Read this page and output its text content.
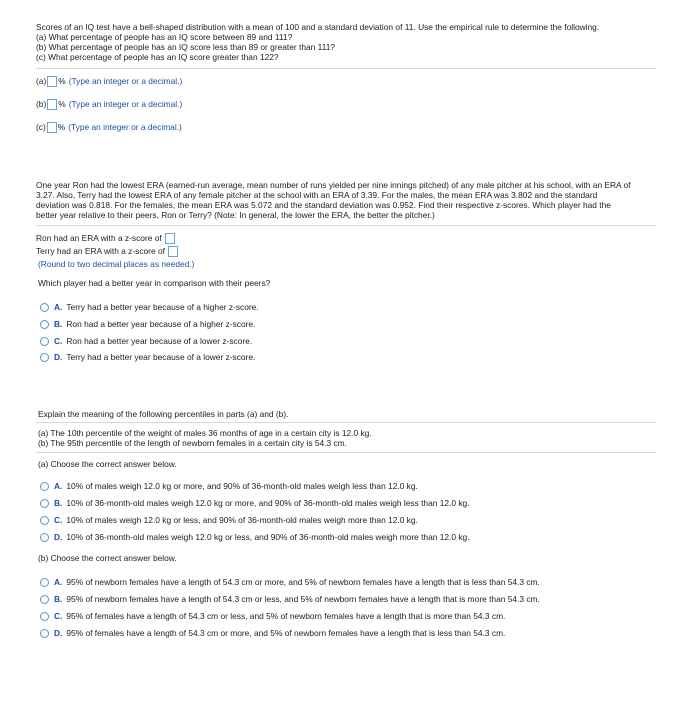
Scores of an IQ test have a bell-shaped distribution with a mean of 100 and a standard deviation of 11. Use the empirical rule to determine the following.
(a) What percentage of people has an IQ score between 89 and 111?
(b) What percentage of people has an IQ score less than 89 or greater than 111?
(c) What percentage of people has an IQ score greater than 122?
(a) % (Type an integer or a decimal.)
(b) % (Type an integer or a decimal.)
(c) % (Type an integer or a decimal.)
One year Ron had the lowest ERA (earned-run average, mean number of runs yielded per nine innings pitched) of any male pitcher at his school, with an ERA of
3.27. Also, Terry had the lowest ERA of any female pitcher at the school with an ERA of 3.39. For the males, the mean ERA was 3.802 and the standard
deviation was 0.818. For the females, the mean ERA was 5.072 and the standard deviation was 0.952. Find their respective z-scores. Which player had the
better year relative to their peers, Ron or Terry? (Note: In general, the lower the ERA, the better the pitcher.)
Ron had an ERA with a z-score of
Terry had an ERA with a z-score of
(Round to two decimal places as needed.)
Which player had a better year in comparison with their peers?
A. Terry had a better year because of a higher z-score.
B. Ron had a better year because of a higher z-score.
C. Ron had a better year because of a lower z-score.
D. Terry had a better year because of a lower z-score.
Explain the meaning of the following percentiles in parts (a) and (b).
(a) The 10th percentile of the weight of males 36 months of age in a certain city is 12.0 kg.
(b) The 95th percentile of the length of newborn females in a certain city is 54.3 cm.
(a) Choose the correct answer below.
A. 10% of males weigh 12.0 kg or more, and 90% of 36-month-old males weigh less than 12.0 kg.
B. 10% of 36-month-old males weigh 12.0 kg or more, and 90% of 36-month-old males weigh less than 12.0 kg.
C. 10% of males weigh 12.0 kg or less, and 90% of 36-month-old males weigh more than 12.0 kg.
D. 10% of 36-month-old males weigh 12.0 kg or less, and 90% of 36-month-old males weigh more than 12.0 kg.
(b) Choose the correct answer below.
A. 95% of newborn females have a length of 54.3 cm or more, and 5% of newborn females have a length that is less than 54.3 cm.
B. 95% of newborn females have a length of 54.3 cm or less, and 5% of newborn females have a length that is more than 54.3 cm.
C. 95% of females have a length of 54.3 cm or less, and 5% of newborn females have a length that is more than 54.3 cm.
D. 95% of females have a length of 54.3 cm or more, and 5% of newborn females have a length that is less than 54.3 cm.
